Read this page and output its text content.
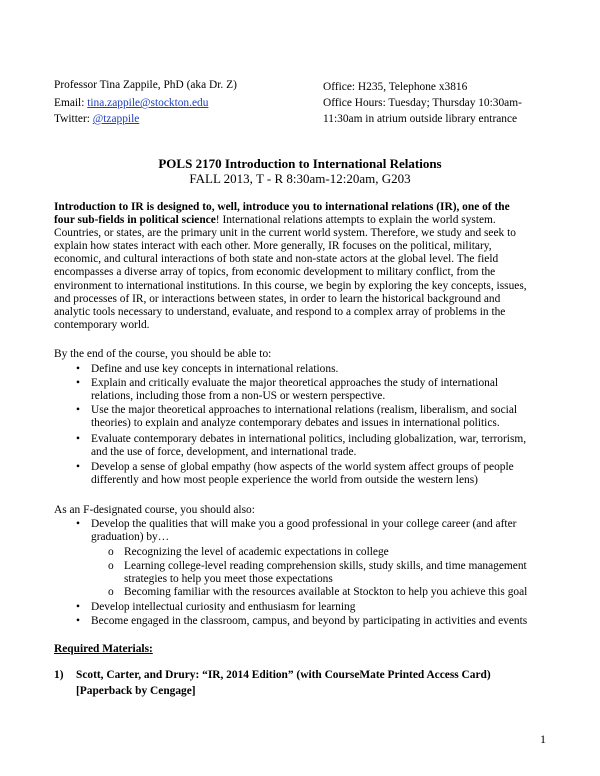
Professor Tina Zappile, PhD (aka Dr. Z)
Email: tina.zappile@stockton.edu
Twitter: @tzappile
Office: H235, Telephone x3816
Office Hours: Tuesday; Thursday 10:30am-
11:30am in atrium outside library entrance
POLS 2170 Introduction to International Relations
FALL 2013, T - R 8:30am-12:20am, G203

Introduction to IR is designed to, well, introduce you to international relations (IR), one of the

four sub-fields in political science! International relations attempts to explain the world system.

Countries, or states, are the primary unit in the current world system. Therefore, we study and seek to

explain how states interact with each other. More generally, IR focuses on the political, military,

economic, and cultural interactions of both state and non-state actors at the global level. The field

encompasses a diverse array of topics, from economic development to military conflict, from the

environment to international institutions. In this course, we begin by exploring the key concepts, issues,

and processes of IR, or interactions between states, in order to learn the historical background and

analytic tools necessary to understand, evaluate, and respond to a complex array of problems in the

contemporary world.

By the end of the course, you should be able to:
• Define and use key concepts in international relations.
• Explain and critically evaluate the major theoretical approaches the study of international
relations, including those from a non-US or western perspective.
• Use the major theoretical approaches to international relations (realism, liberalism, and social
theories) to explain and analyze contemporary debates and issues in international politics.
• Evaluate contemporary debates in international politics, including globalization, war, terrorism,
and the use of force, development, and international trade.
• Develop a sense of global empathy (how aspects of the world system affect groups of people
differently and how most people experience the world from outside the western lens)
As an F-designated course, you should also:
• Develop the qualities that will make you a good professional in your college career (and after
graduation) by…
o Recognizing the level of academic expectations in college
o Learning college-level reading comprehension skills, study skills, and time management
strategies to help you meet those expectations
o Becoming familiar with the resources available at Stockton to help you achieve this goal
• Develop intellectual curiosity and enthusiasm for learning
• Become engaged in the classroom, campus, and beyond by participating in activities and events
Required Materials:
1) Scott, Carter, and Drury: “IR, 2014 Edition” (with CourseMate Printed Access Card)
[Paperback by Cengage]
1
